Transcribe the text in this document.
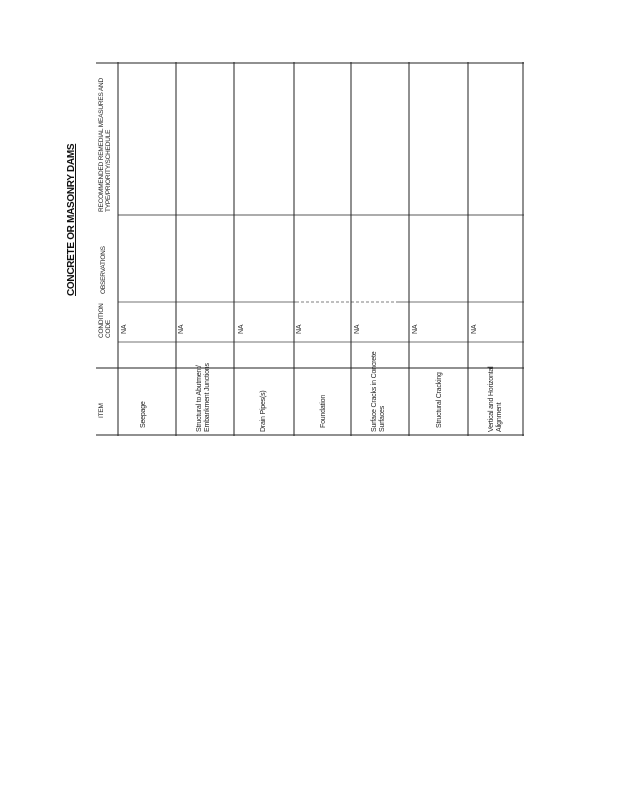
CONCRETE OR MASONRY DAMS
ITEM
CONDITION
CODE
OBSERVATIONS
RECOMMENDED REMEDIAL MEASURES AND
TYPE/PRIORITY/SCHEDULE
Seepage
NA
Structural to Abutment/
Embankment Junctions
NA
Drain Pipes(s)
NA
Foundation
NA
Surface Cracks in Concrete
Surfaces
NA
Structural Cracking
NA
Vertical and Horizontal
Alignment
NA
